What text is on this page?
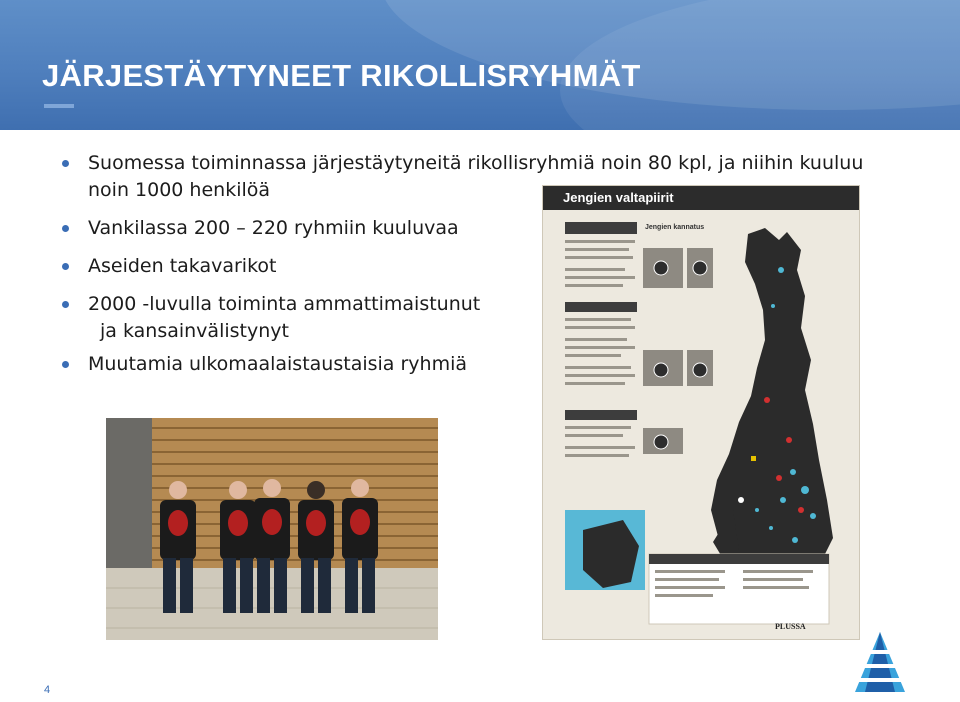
JÄRJESTÄYTYNEET RIKOLLISRYHMÄT
Suomessa toiminnassa järjestäytyneitä rikollisryhmiä noin 80 kpl, ja niihin kuuluu noin 1000 henkilöä
Vankilassa 200 – 220 ryhmiin kuuluvaa
Aseiden takavarikot
2000 -luvulla toiminta ammattimaistunut
ja kansainvälistynyt
Muutamia ulkomaalaistaustaisia ryhmiä
Jengien valtapiirit
Jengien kannatus
PLUSSA
4
